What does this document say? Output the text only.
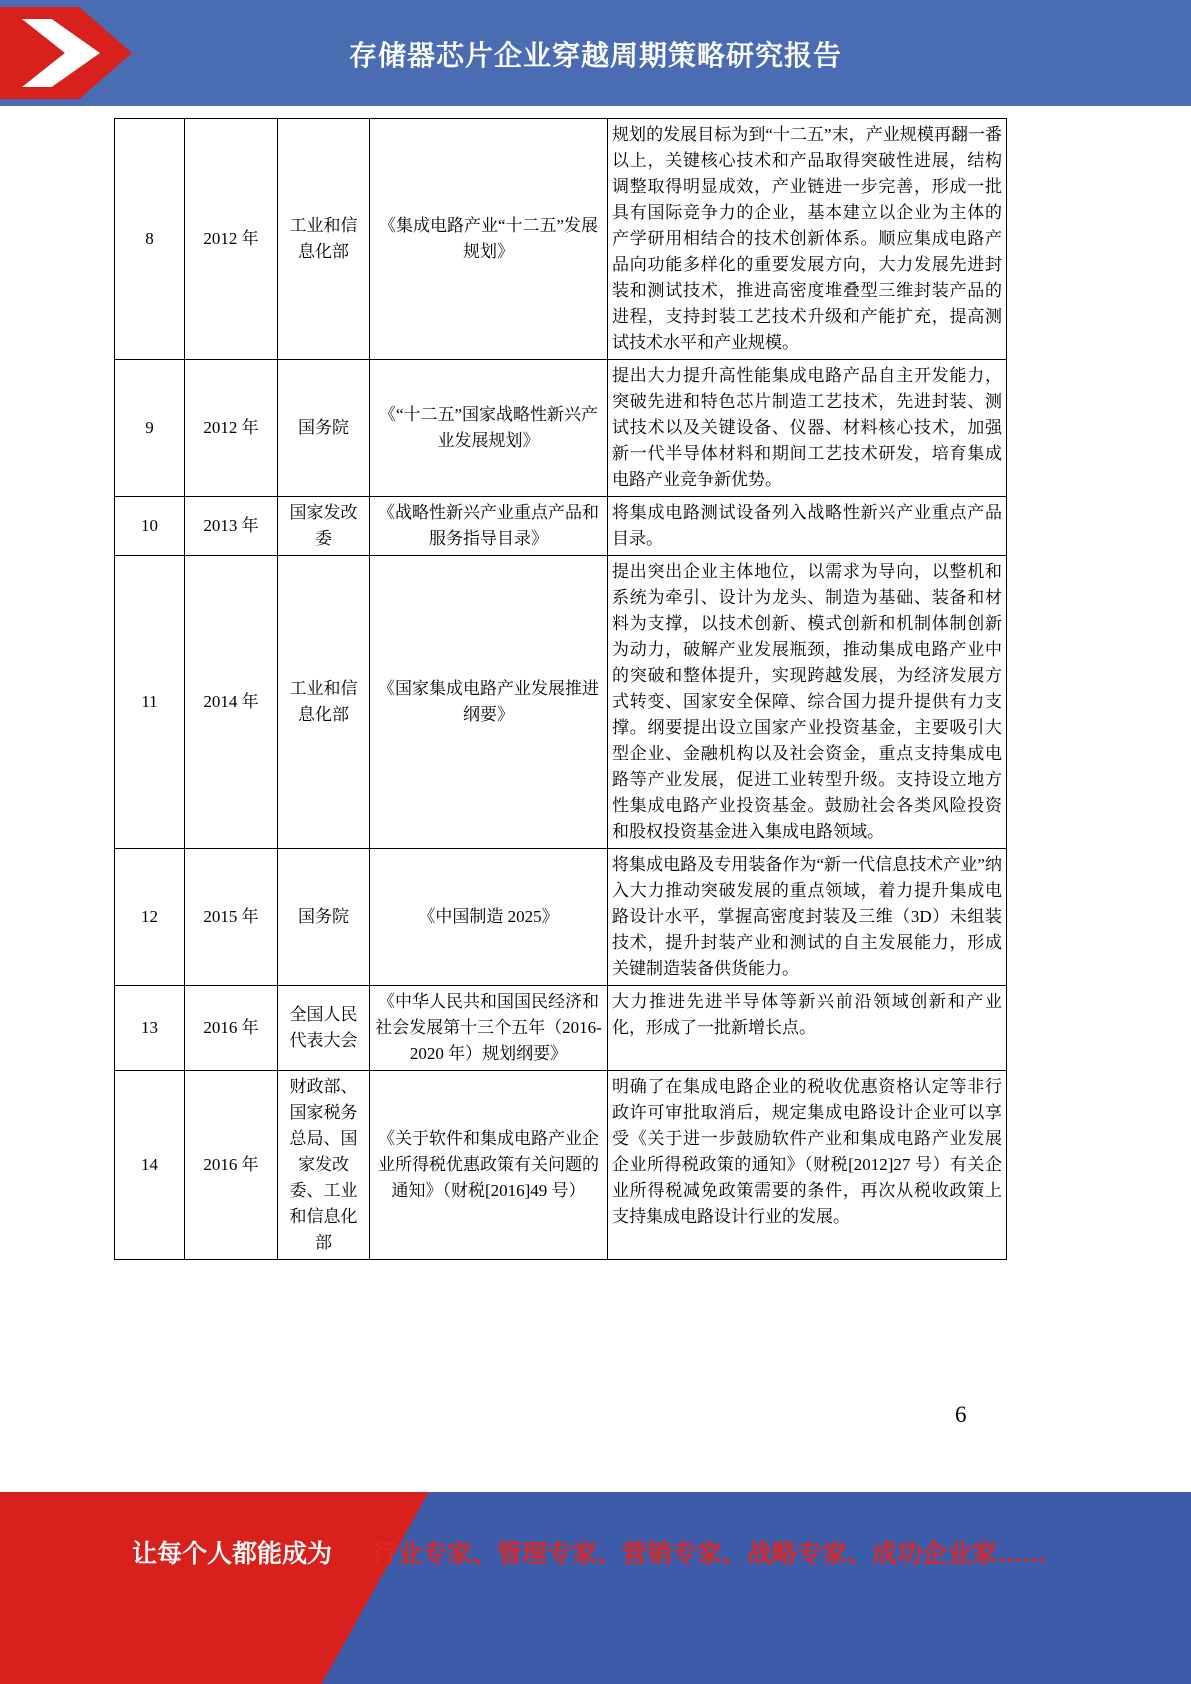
存储器芯片企业穿越周期策略研究报告
8	2012 年	工业和信息化部	《集成电路产业“十二五”发展规划》	规划的发展目标为到“十二五”末，产业规模再翻一番以上，关键核心技术和产品取得突破性进展，结构调整取得明显成效，产业链进一步完善，形成一批具有国际竞争力的企业，基本建立以企业为主体的产学研用相结合的技术创新体系。顺应集成电路产品向功能多样化的重要发展方向，大力发展先进封装和测试技术，推进高密度堆叠型三维封装产品的进程，支持封装工艺技术升级和产能扩充，提高测试技术水平和产业规模。
9	2012 年	国务院	《“十二五”国家战略性新兴产业发展规划》	提出大力提升高性能集成电路产品自主开发能力，突破先进和特色芯片制造工艺技术，先进封装、测试技术以及关键设备、仪器、材料核心技术，加强新一代半导体材料和期间工艺技术研发，培育集成电路产业竞争新优势。
10	2013 年	国家发改委	《战略性新兴产业重点产品和服务指导目录》	将集成电路测试设备列入战略性新兴产业重点产品目录。
11	2014 年	工业和信息化部	《国家集成电路产业发展推进纲要》	提出突出企业主体地位，以需求为导向，以整机和系统为牵引、设计为龙头、制造为基础、装备和材料为支撑，以技术创新、模式创新和机制体制创新为动力，破解产业发展瓶颈，推动集成电路产业中的突破和整体提升，实现跨越发展，为经济发展方式转变、国家安全保障、综合国力提升提供有力支撑。纲要提出设立国家产业投资基金，主要吸引大型企业、金融机构以及社会资金，重点支持集成电路等产业发展，促进工业转型升级。支持设立地方性集成电路产业投资基金。鼓励社会各类风险投资和股权投资基金进入集成电路领域。
12	2015 年	国务院	《中国制造 2025》	将集成电路及专用装备作为“新一代信息技术产业”纳入大力推动突破发展的重点领域，着力提升集成电路设计水平，掌握高密度封装及三维（3D）未组装技术，提升封装产业和测试的自主发展能力，形成关键制造装备供货能力。
13	2016 年	全国人民代表大会	《中华人民共和国国民经济和社会发展第十三个五年（2016-2020 年）规划纲要》	大力推进先进半导体等新兴前沿领域创新和产业化，形成了一批新增长点。
14	2016 年	财政部、国家税务总局、国家发改委、工业和信息化部	《关于软件和集成电路产业企业所得税优惠政策有关问题的通知》（财税[2016]49 号）	明确了在集成电路企业的税收优惠资格认定等非行政许可审批取消后，规定集成电路设计企业可以享受《关于进一步鼓励软件产业和集成电路产业发展企业所得税政策的通知》（财税[2012]27 号）有关企业所得税减免政策需要的条件，再次从税收政策上支持集成电路设计行业的发展。
6
让每个人都能成为 行业专家、管理专家、营销专家、战略专家、成功企业家……
